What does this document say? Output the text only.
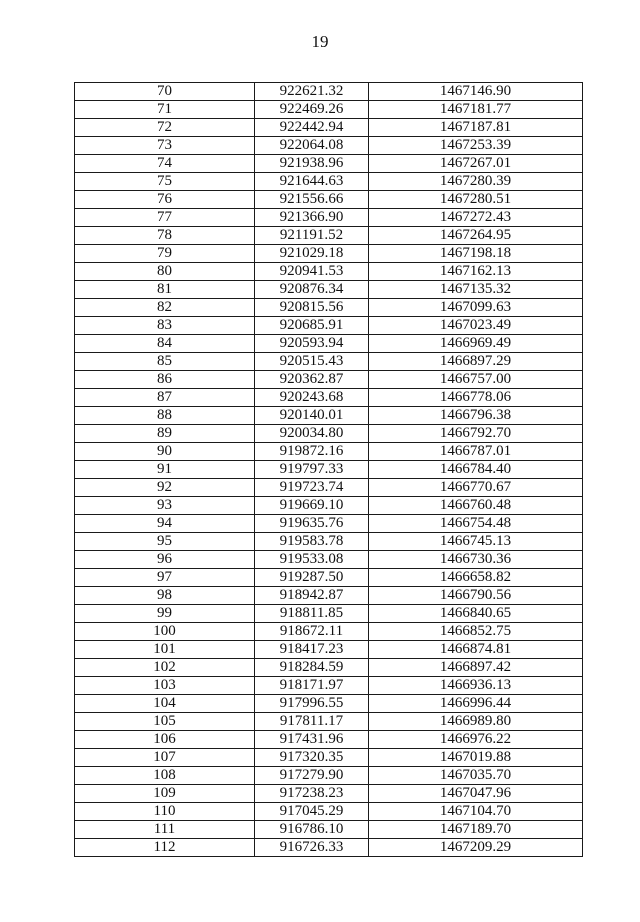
19
70	922621.32	1467146.90
71	922469.26	1467181.77
72	922442.94	1467187.81
73	922064.08	1467253.39
74	921938.96	1467267.01
75	921644.63	1467280.39
76	921556.66	1467280.51
77	921366.90	1467272.43
78	921191.52	1467264.95
79	921029.18	1467198.18
80	920941.53	1467162.13
81	920876.34	1467135.32
82	920815.56	1467099.63
83	920685.91	1467023.49
84	920593.94	1466969.49
85	920515.43	1466897.29
86	920362.87	1466757.00
87	920243.68	1466778.06
88	920140.01	1466796.38
89	920034.80	1466792.70
90	919872.16	1466787.01
91	919797.33	1466784.40
92	919723.74	1466770.67
93	919669.10	1466760.48
94	919635.76	1466754.48
95	919583.78	1466745.13
96	919533.08	1466730.36
97	919287.50	1466658.82
98	918942.87	1466790.56
99	918811.85	1466840.65
100	918672.11	1466852.75
101	918417.23	1466874.81
102	918284.59	1466897.42
103	918171.97	1466936.13
104	917996.55	1466996.44
105	917811.17	1466989.80
106	917431.96	1466976.22
107	917320.35	1467019.88
108	917279.90	1467035.70
109	917238.23	1467047.96
110	917045.29	1467104.70
111	916786.10	1467189.70
112	916726.33	1467209.29
